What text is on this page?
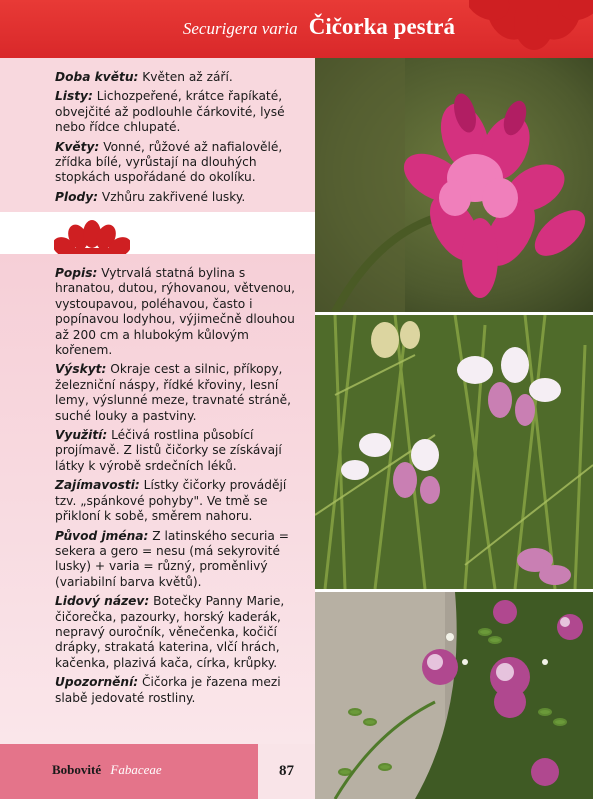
Securigera varia Čičorka pestrá

Doba květu: Květen až září.

Listy: Lichozpeřené, krátce řapíkaté, obvejčité až podlouhle čárkovité, lysé nebo řídce chlupaté.

Květy: Vonné, růžové až nafialovělé, zřídka bílé, vyrůstají na dlouhých stopkách uspořádané do okolíku.

Plody: Vzhůru zakřivené lusky.

Popis: Vytrvalá statná bylina s hranatou, dutou, rýhovanou, větvenou, vystoupavou, poléhavou, často i popínavou lodyhou, výjimečně dlouhou až 200 cm a hlubokým kůlovým kořenem.

Výskyt: Okraje cest a silnic, příkopy, železniční náspy, řídké křoviny, lesní lemy, výslunné meze, travnaté stráně, suché louky a pastviny.

Využití: Léčivá rostlina působící projímavě. Z listů čičorky se získávají látky k výrobě srdečních léků.

Zajímavosti: Lístky čičorky provádějí tzv. „spánkové pohyby". Ve tmě se přikloní k sobě, směrem nahoru.

Původ jména: Z latinského securia = sekera a gero = nesu (má sekyrovité lusky) + varia = různý, proměnlivý (variabilní barva květů).

Lidový název: Botečky Panny Marie, čičorečka, pazourky, horský kaderák, nepravý ouročník, věnečenka, kočičí drápky, strakatá katerina, vlčí hrách, kačenka, plazivá kača, círka, krůpky.

Upozornění: Čičorka je řazena mezi slabě jedovaté rostliny.

Bobovité Fabaceae	87
